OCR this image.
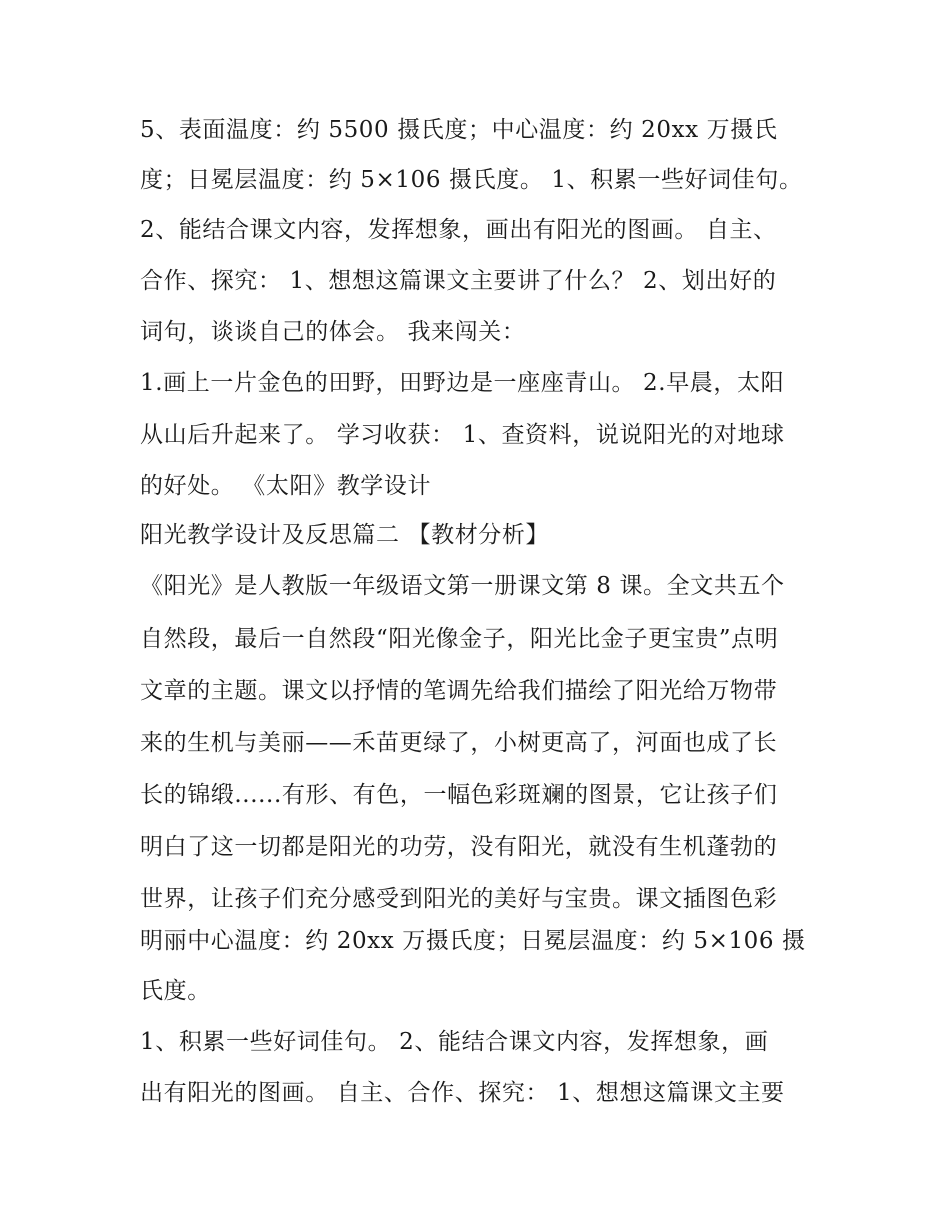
5、表面温度：约 5500 摄氏度；中心温度：约 20xx 万摄氏
度；日冕层温度：约 5×106 摄氏度。 1、积累一些好词佳句。
2、能结合课文内容，发挥想象，画出有阳光的图画。 自主、
合作、探究： 1、想想这篇课文主要讲了什么？ 2、划出好的
词句，谈谈自己的体会。 我来闯关：
1.画上一片金色的田野，田野边是一座座青山。 2.早晨，太阳
从山后升起来了。 学习收获： 1、查资料，说说阳光的对地球
的好处。 《太阳》教学设计
阳光教学设计及反思篇二 【教材分析】
《阳光》是人教版一年级语文第一册课文第 8 课。全文共五个
自然段，最后一自然段“阳光像金子，阳光比金子更宝贵”点明
文章的主题。课文以抒情的笔调先给我们描绘了阳光给万物带
来的生机与美丽——禾苗更绿了，小树更高了，河面也成了长
长的锦缎......有形、有色，一幅色彩斑斓的图景，它让孩子们
明白了这一切都是阳光的功劳，没有阳光，就没有生机蓬勃的
世界，让孩子们充分感受到阳光的美好与宝贵。课文插图色彩
明丽中心温度：约 20xx 万摄氏度；日冕层温度：约 5×106 摄
氏度。
1、积累一些好词佳句。 2、能结合课文内容，发挥想象，画
出有阳光的图画。 自主、合作、探究： 1、想想这篇课文主要
